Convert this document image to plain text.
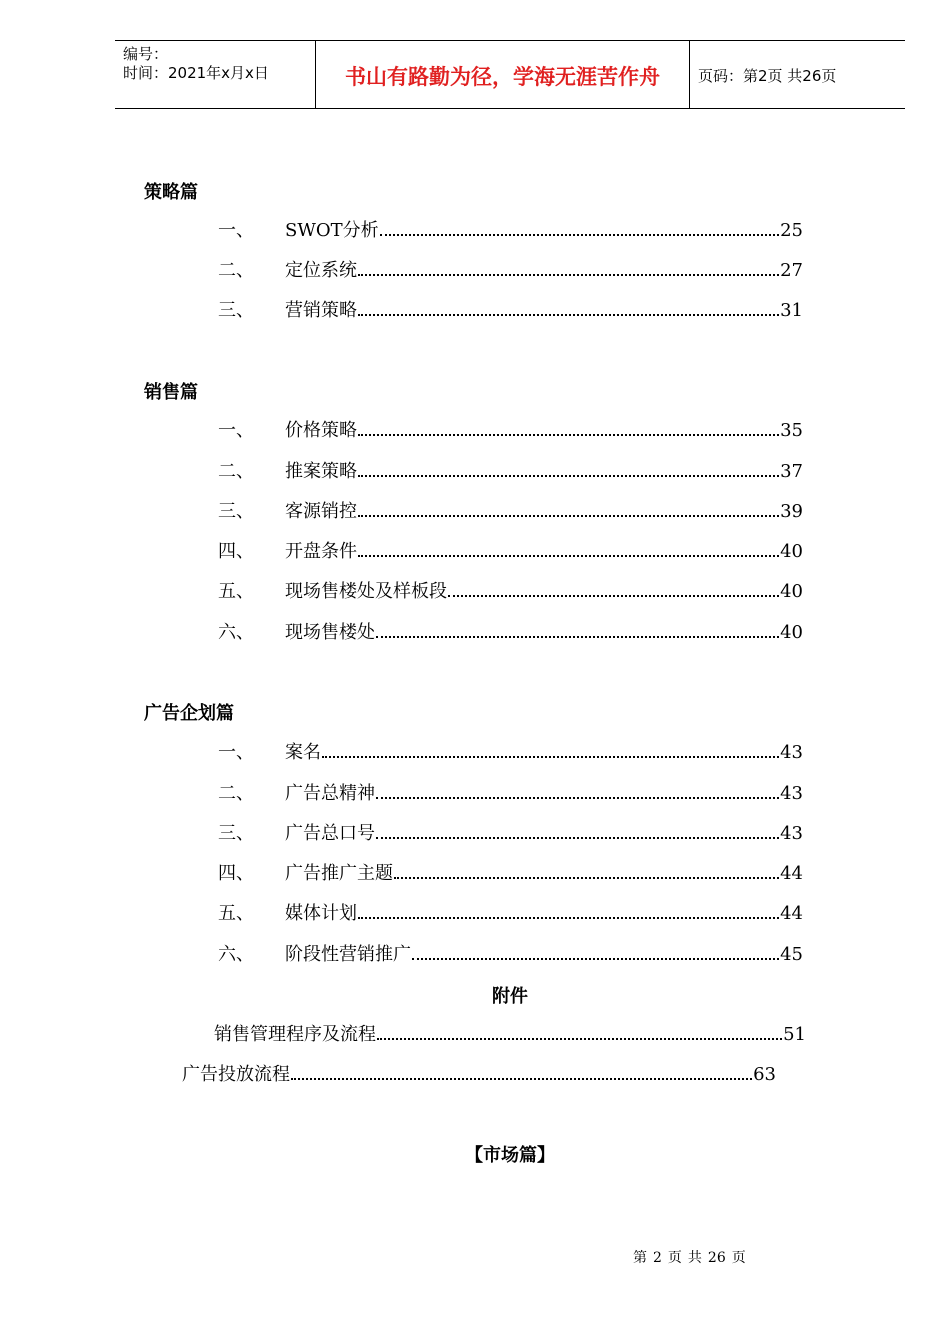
编号：
时间：2021年x月x日	书山有路勤为径，学海无涯苦作舟	页码：第2页 共26页
策略篇
一、	SWOT分析	25
二、	定位系统	27
三、	营销策略	31
销售篇
一、	价格策略	35
二、	推案策略	37
三、	客源销控	39
四、	开盘条件	40
五、	现场售楼处及样板段	40
六、	现场售楼处	40
广告企划篇
一、	案名	43
二、	广告总精神	43
三、	广告总口号	43
四、	广告推广主题	44
五、	媒体计划	44
六、	阶段性营销推广	45
附件
销售管理程序及流程	51
广告投放流程	63
【市场篇】
第 2 页 共 26 页
